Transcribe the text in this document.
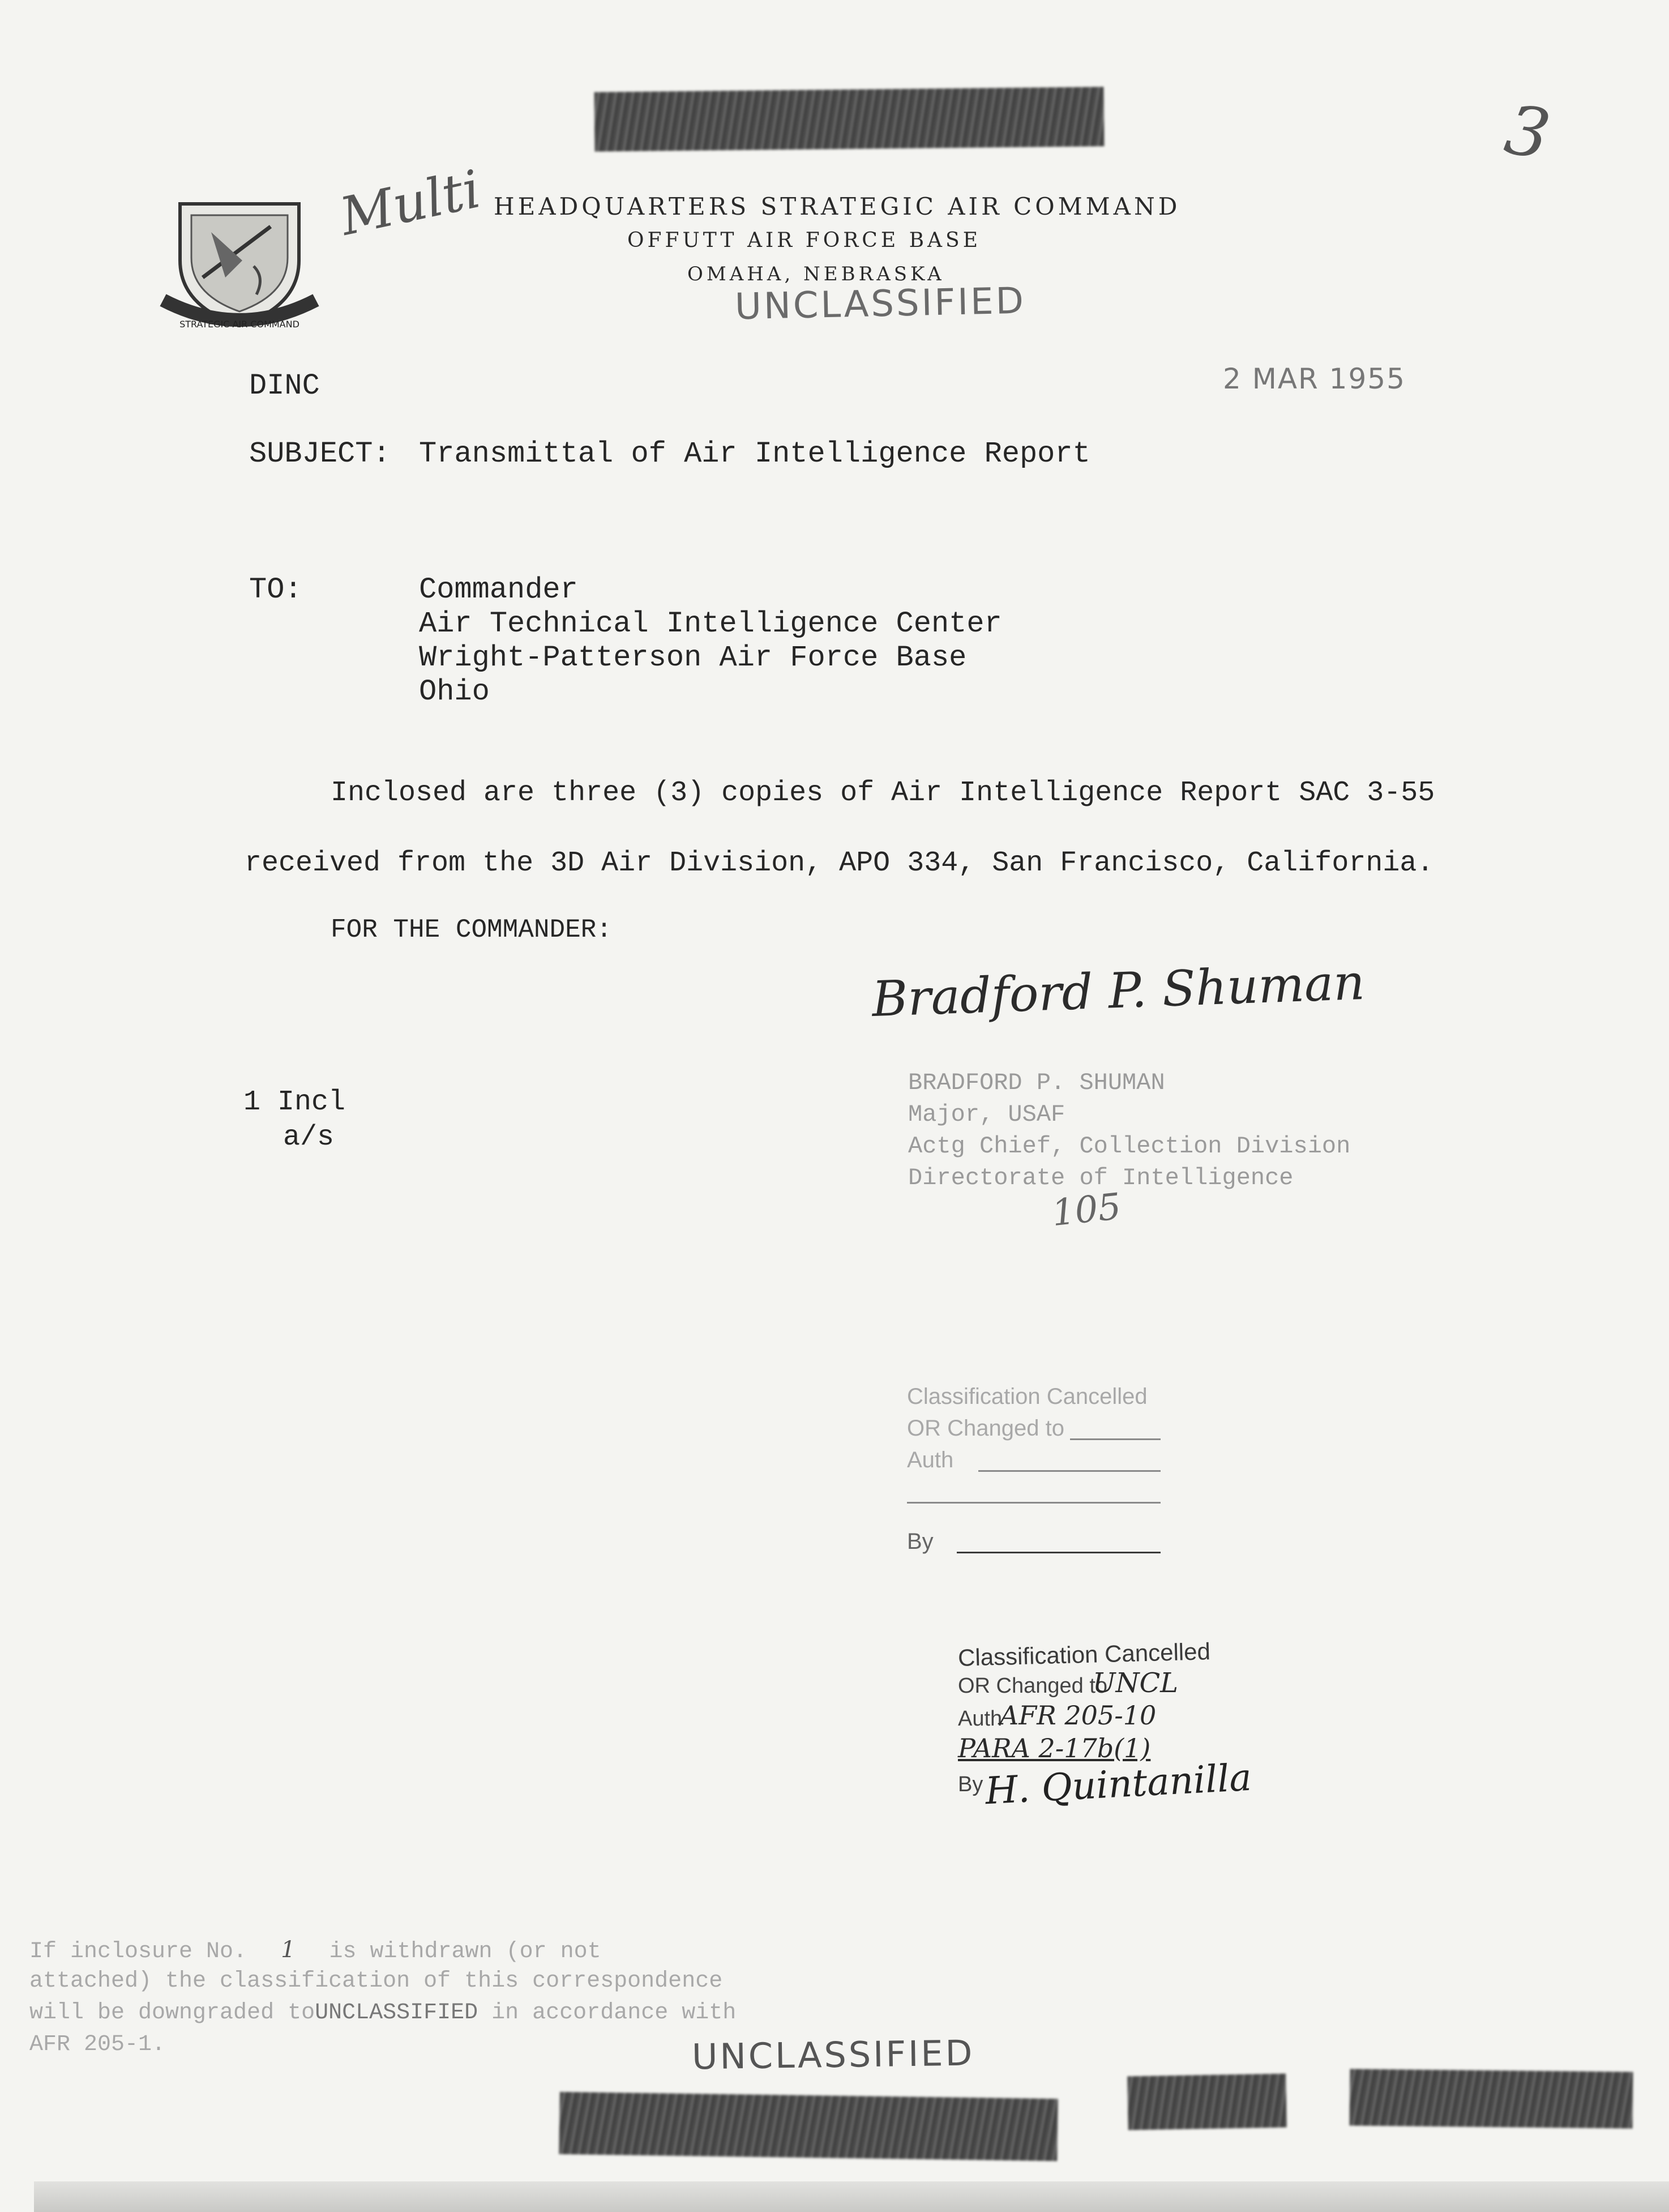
Multi
3
STRATEGIC AIR COMMAND
HEADQUARTERS STRATEGIC AIR COMMAND
OFFUTT AIR FORCE BASE
OMAHA, NEBRASKA
UNCLASSIFIED
DINC	2 MAR 1955
SUBJECT: Transmittal of Air Intelligence Report
TO:	Commander
Air Technical Intelligence Center
Wright-Patterson Air Force Base
Ohio
Inclosed are three (3) copies of Air Intelligence Report SAC 3-55
received from the 3D Air Division, APO 334, San Francisco, California.
FOR THE COMMANDER:
Bradford P. Shuman
BRADFORD P. SHUMAN
Major, USAF
Actg Chief, Collection Division
Directorate of Intelligence
105
1 Incl
a/s
Classification Cancelled
OR Changed to
Auth
By
Classification Cancelled
OR Changed to
UNCL
Auth
AFR 205-10
PARA 2-17b(1)
By H. Quintanilla
If inclosure No. 1 is withdrawn (or not
attached) the classification of this correspondence
will be downgraded toUNCLASSIFIED in accordance with
AFR 205-1.	UNCLASSIFIED
